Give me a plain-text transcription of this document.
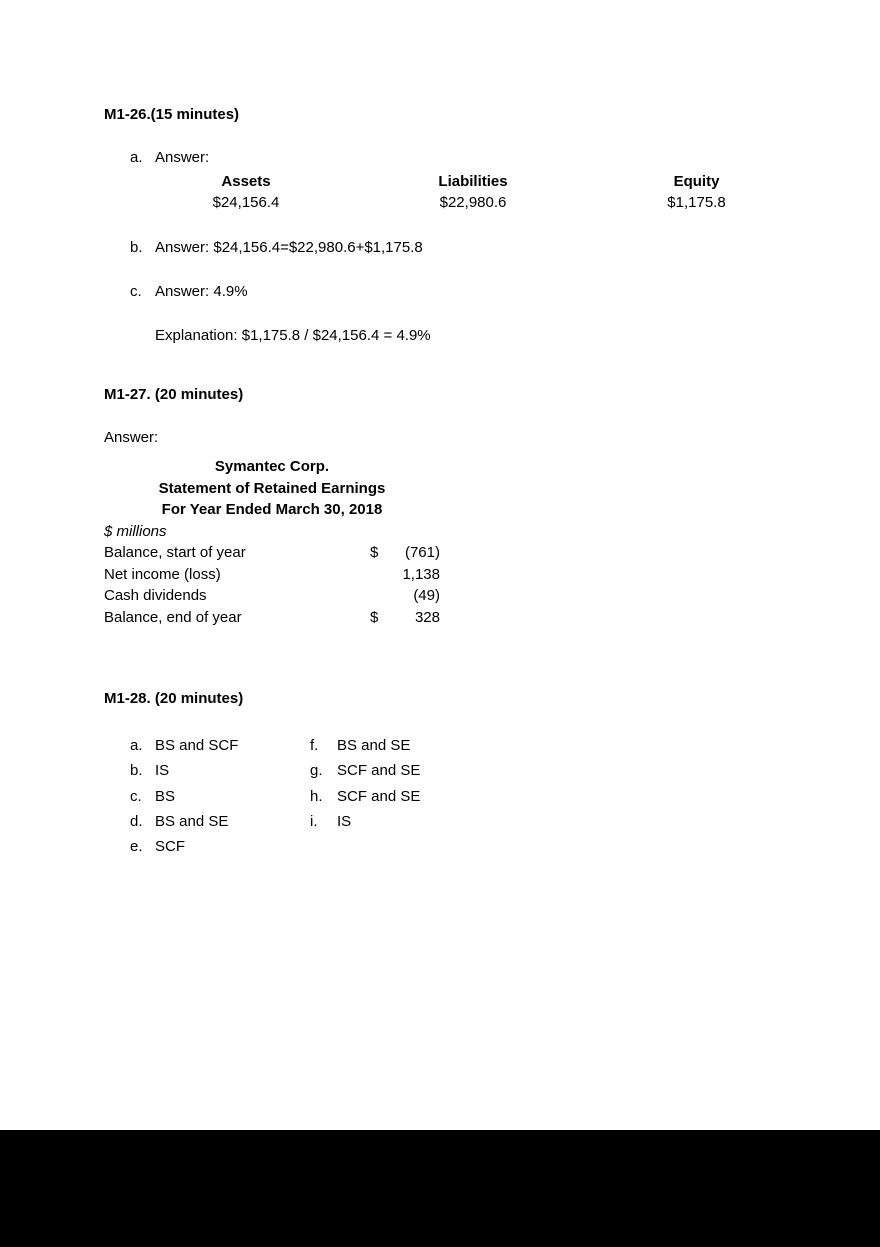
M1-26.(15 minutes)
a. Answer:
Assets	Liabilities	Equity
$24,156.4	$22,980.6	$1,175.8
b. Answer: $24,156.4=$22,980.6+$1,175.8
c. Answer: 4.9%
Explanation: $1,175.8 / $24,156.4 = 4.9%
M1-27. (20 minutes)
Answer:
Symantec Corp.
Statement of Retained Earnings
For Year Ended March 30, 2018
$ millions
Balance, start of year	$	(761)
Net income (loss)	1,138
Cash dividends	(49)
Balance, end of year	$	328
M1-28. (20 minutes)
a. BS and SCF	f.	BS and SE
b. IS	g. SCF and SE
c. BS	h. SCF and SE
d. BS and SE	i.	IS
e. SCF
